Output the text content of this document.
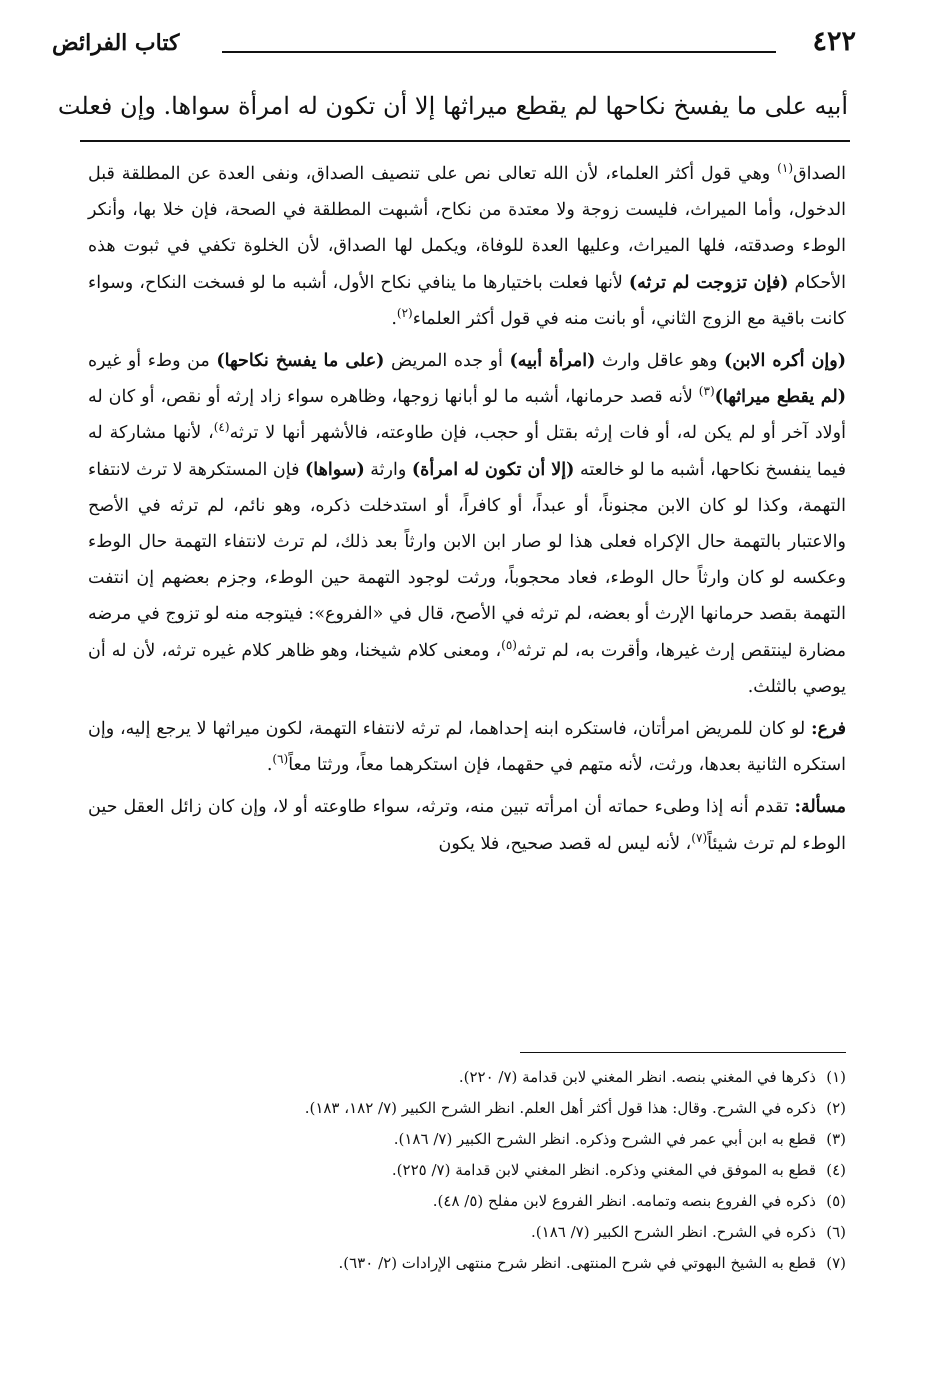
٤٢٢
كتاب الفرائض
أبيه على ما يفسخ نكاحها لم يقطع ميراثها إلا أن تكون له امرأة سواها. وإن فعلت

الصداق$^{(١)}$ وهي قول أكثر العلماء، لأن الله تعالى نص على تنصيف الصداق، ونفى العدة عن المطلقة قبل الدخول، وأما الميراث، فليست زوجة ولا معتدة من نكاح، أشبهت المطلقة في الصحة، فإن خلا بها، وأنكر الوطء وصدقته، فلها الميراث، وعليها العدة للوفاة، ويكمل لها الصداق، لأن الخلوة تكفي في ثبوت هذه الأحكام (فإن تزوجت لم ترثه) لأنها فعلت باختيارها ما ينافي نكاح الأول، أشبه ما لو فسخت النكاح، وسواء كانت باقية مع الزوج الثاني، أو بانت منه في قول أكثر العلماء$^{(٢)}$.

(وإن أكره الابن) وهو عاقل وارث (امرأة أبيه) أو جده المريض (على ما يفسخ نكاحها) من وطء أو غيره (لم يقطع ميراثها)$^{(٣)}$ لأنه قصد حرمانها، أشبه ما لو أبانها زوجها، وظاهره سواء زاد إرثه أو نقص، أو كان له أولاد آخر أو لم يكن له، أو فات إرثه بقتل أو حجب، فإن طاوعته، فالأشهر أنها لا ترثه$^{(٤)}$، لأنها مشاركة له فيما ينفسخ نكاحها، أشبه ما لو خالعته (إلا أن تكون له امرأة) وارثة (سواها) فإن المستكرهة لا ترث لانتفاء التهمة، وكذا لو كان الابن مجنوناً، أو عبداً، أو كافراً، أو استدخلت ذكره، وهو نائم، لم ترثه في الأصح والاعتبار بالتهمة حال الإكراه فعلى هذا لو صار ابن الابن وارثاً بعد ذلك، لم ترث لانتفاء التهمة حال الوطء وعكسه لو كان وارثاً حال الوطء، فعاد محجوباً، ورثت لوجود التهمة حين الوطء، وجزم بعضهم إن انتفت التهمة بقصد حرمانها الإرث أو بعضه، لم ترثه في الأصح، قال في «الفروع»: فيتوجه منه لو تزوج في مرضه مضارة لينتقص إرث غيرها، وأقرت به، لم ترثه$^{(٥)}$، ومعنى كلام شيخنا، وهو ظاهر كلام غيره ترثه، لأن له أن يوصي بالثلث.

فرع: لو كان للمريض امرأتان، فاستكره ابنه إحداهما، لم ترثه لانتفاء التهمة، لكون ميراثها لا يرجع إليه، وإن استكره الثانية بعدها، ورثت، لأنه متهم في حقهما، فإن استكرهما معاً، ورثتا معاً$^{(٦)}$.

مسألة: تقدم أنه إذا وطىء حماته أن امرأته تبين منه، وترثه، سواء طاوعته أو لا، وإن كان زائل العقل حين الوطء لم ترث شيئاً$^{(٧)}$، لأنه ليس له قصد صحيح، فلا يكون

(١)
ذكرها في المغني بنصه. انظر المغني لابن قدامة (٧/ ٢٢٠).
(٢)
ذكره في الشرح. وقال: هذا قول أكثر أهل العلم. انظر الشرح الكبير (٧/ ١٨٢، ١٨٣).
(٣)
قطع به ابن أبي عمر في الشرح وذكره. انظر الشرح الكبير (٧/ ١٨٦).
(٤)
قطع به الموفق في المغني وذكره. انظر المغني لابن قدامة (٧/ ٢٢٥).
(٥)
ذكره في الفروع بنصه وتمامه. انظر الفروع لابن مفلح (٥/ ٤٨).
(٦)
ذكره في الشرح. انظر الشرح الكبير (٧/ ١٨٦).
(٧)
قطع به الشيخ البهوتي في شرح المنتهى. انظر شرح منتهى الإرادات (٢/ ٦٣٠).
